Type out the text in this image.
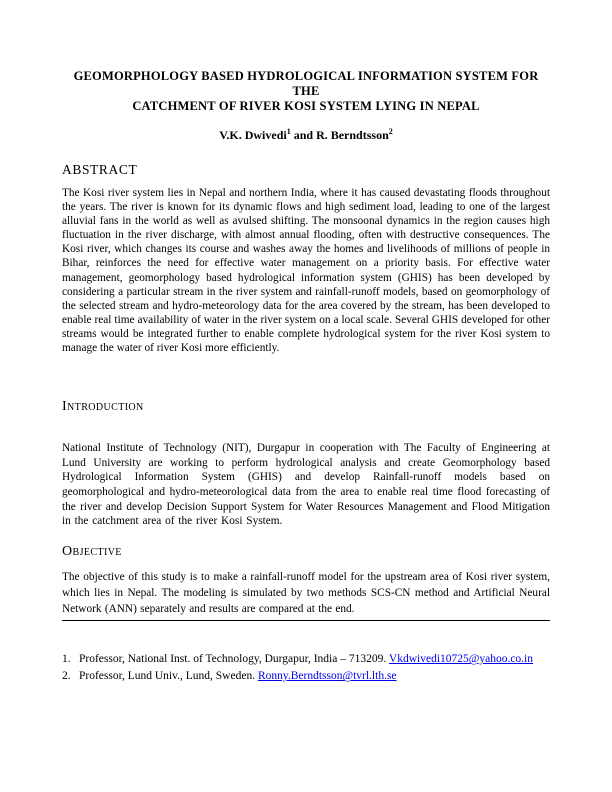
GEOMORPHOLOGY BASED HYDROLOGICAL INFORMATION SYSTEM FOR THE
CATCHMENT OF RIVER KOSI SYSTEM LYING IN NEPAL
V.K. Dwivedi$^1$ and R. Berndtsson$^2$
ABSTRACT

The Kosi river system lies in Nepal and northern India, where it has caused devastating floods throughout the years. The river is known for its dynamic flows and high sediment load, leading to one of the largest alluvial fans in the world as well as avulsed shifting. The monsoonal dynamics in the region causes high fluctuation in the river discharge, with almost annual flooding, often with destructive consequences. The Kosi river, which changes its course and washes away the homes and livelihoods of millions of people in Bihar, reinforces the need for effective water management on a priority basis. For effective water management, geomorphology based hydrological information system (GHIS) has been developed by considering a particular stream in the river system and rainfall-runoff models, based on geomorphology of the selected stream and hydro-meteorology data for the area covered by the stream, has been developed to enable real time availability of water in the river system on a local scale. Several GHIS developed for other streams would be integrated further to enable complete hydrological system for the river Kosi system to manage the water of river Kosi more efficiently.

Introduction

National Institute of Technology (NIT), Durgapur in cooperation with The Faculty of Engineering at Lund University are working to perform hydrological analysis and create Geomorphology based Hydrological Information System (GHIS) and develop Rainfall-runoff models based on geomorphological and hydro-meteorological data from the area to enable real time flood forecasting of the river and develop Decision Support System for Water Resources Management and Flood Mitigation in the catchment area of the river Kosi System.

Objective

The objective of this study is to make a rainfall-runoff model for the upstream area of Kosi river system, which lies in Nepal. The modeling is simulated by two methods SCS-CN method and Artificial Neural Network (ANN) separately and results are compared at the end.

1. Professor, National Inst. of Technology, Durgapur, India – 713209. Vkdwivedi10725@yahoo.co.in
2. Professor, Lund Univ., Lund, Sweden. Ronny.Berndtsson@tvrl.lth.se
